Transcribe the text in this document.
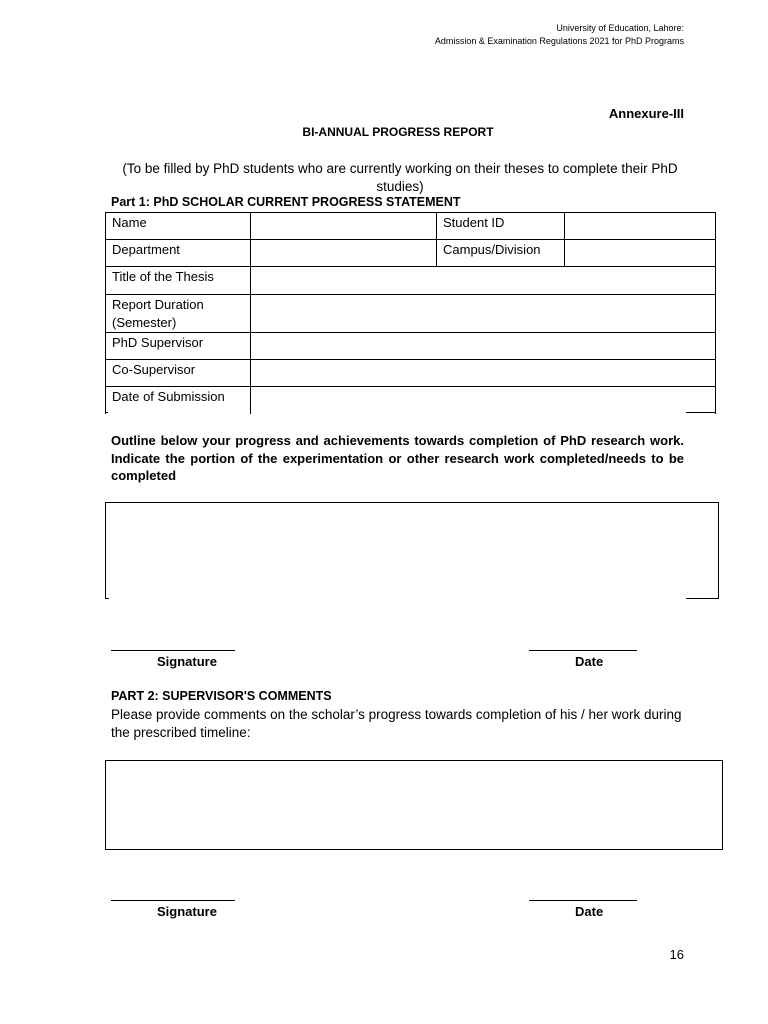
University of Education, Lahore:
Admission & Examination Regulations 2021 for PhD Programs
Annexure-III
BI-ANNUAL PROGRESS REPORT
(To be filled by PhD students who are currently working on their theses to complete their PhD studies)
Part 1: PhD SCHOLAR CURRENT PROGRESS STATEMENT
Name		Student ID	
Department		Campus/Division	
Title of the Thesis			
Report Duration (Semester)			
PhD Supervisor			
Co-Supervisor			
Date of Submission			
Outline below your progress and achievements towards completion of PhD research work. Indicate the portion of the experimentation or other research work completed/needs to be completed
Signature	Date
PART 2: SUPERVISOR'S COMMENTS
Please provide comments on the scholar’s progress towards completion of his / her work during the prescribed timeline:
Signature	Date
16
